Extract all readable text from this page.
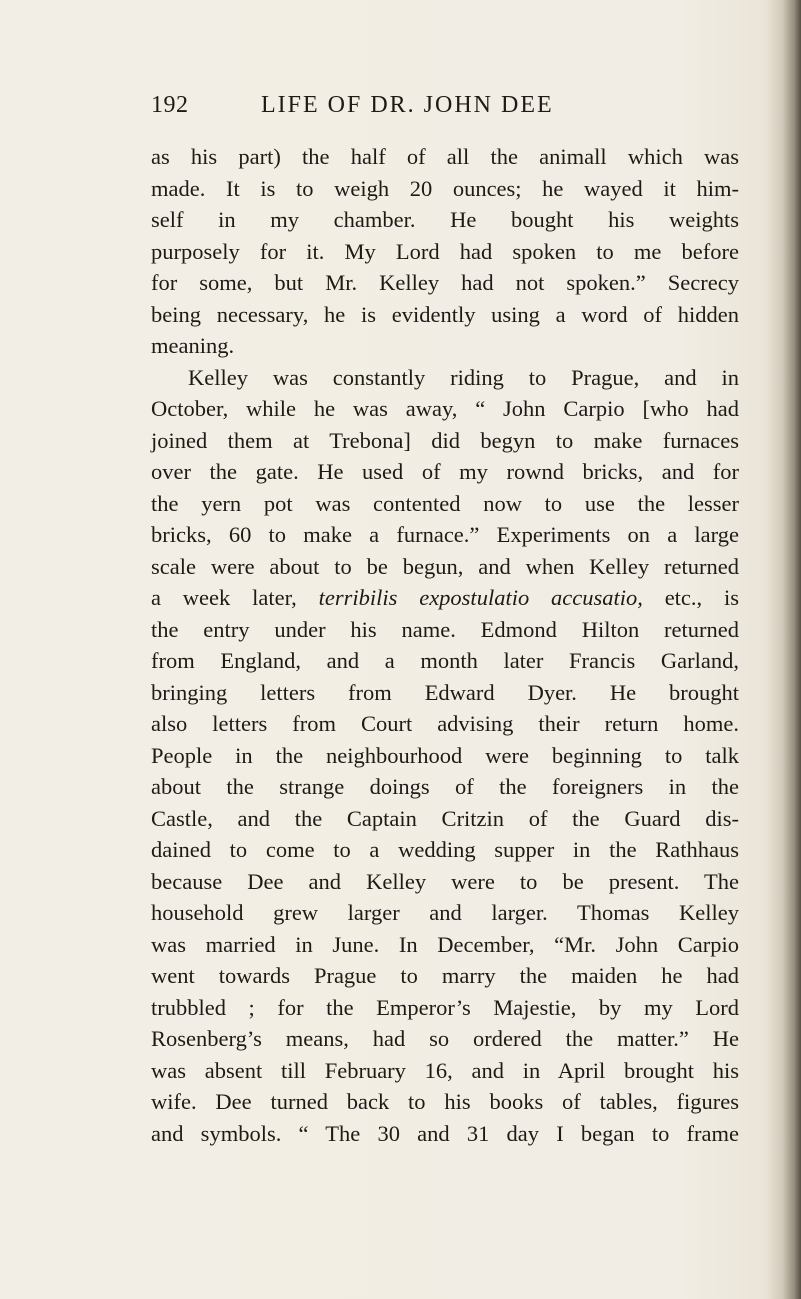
192	LIFE OF DR. JOHN DEE
as his part) the half of all the animall which was
made. It is to weigh 20 ounces; he wayed it him-
self in my chamber. He bought his weights
purposely for it. My Lord had spoken to me before
for some, but Mr. Kelley had not spoken.” Secrecy
being necessary, he is evidently using a word of hidden
meaning.
Kelley was constantly riding to Prague, and in
October, while he was away, “ John Carpio [who had
joined them at Trebona] did begyn to make furnaces
over the gate. He used of my rownd bricks, and for
the yern pot was contented now to use the lesser
bricks, 60 to make a furnace.” Experiments on a large
scale were about to be begun, and when Kelley returned
a week later, terribilis expostulatio accusatio, etc., is
the entry under his name. Edmond Hilton returned
from England, and a month later Francis Garland,
bringing letters from Edward Dyer. He brought
also letters from Court advising their return home.
People in the neighbourhood were beginning to talk
about the strange doings of the foreigners in the
Castle, and the Captain Critzin of the Guard dis-
dained to come to a wedding supper in the Rathhaus
because Dee and Kelley were to be present. The
household grew larger and larger. Thomas Kelley
was married in June. In December, “Mr. John Carpio
went towards Prague to marry the maiden he had
trubbled ; for the Emperor’s Majestie, by my Lord
Rosenberg’s means, had so ordered the matter.” He
was absent till February 16, and in April brought his
wife. Dee turned back to his books of tables, figures
and symbols. “ The 30 and 31 day I began to frame
